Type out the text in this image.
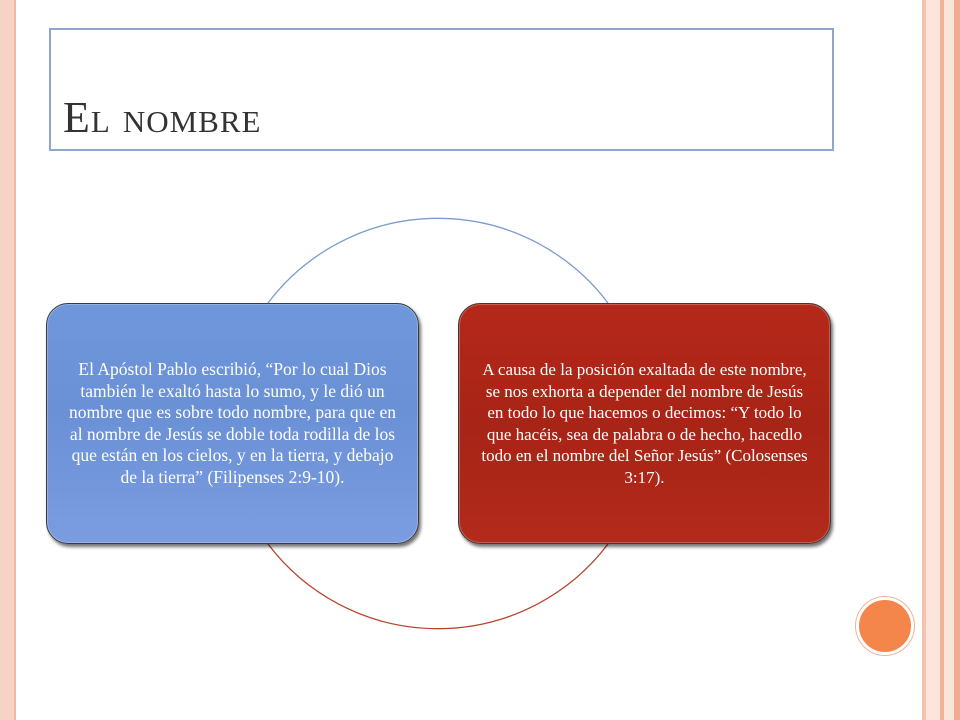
El nombre
El Apóstol Pablo escribió, “Por lo cual Dios también le exaltó hasta lo sumo, y le dió un nombre que es sobre todo nombre, para que en al nombre de Jesús se doble toda rodilla de los que están en los cielos, y en la tierra, y debajo de la tierra” (Filipenses 2:9-10).
A causa de la posición exaltada de este nombre, se nos exhorta a depender del nombre de Jesús en todo lo que hacemos o decimos: “Y todo lo que hacéis, sea de palabra o de hecho, hacedlo todo en el nombre del Señor Jesús” (Colosenses 3:17).
